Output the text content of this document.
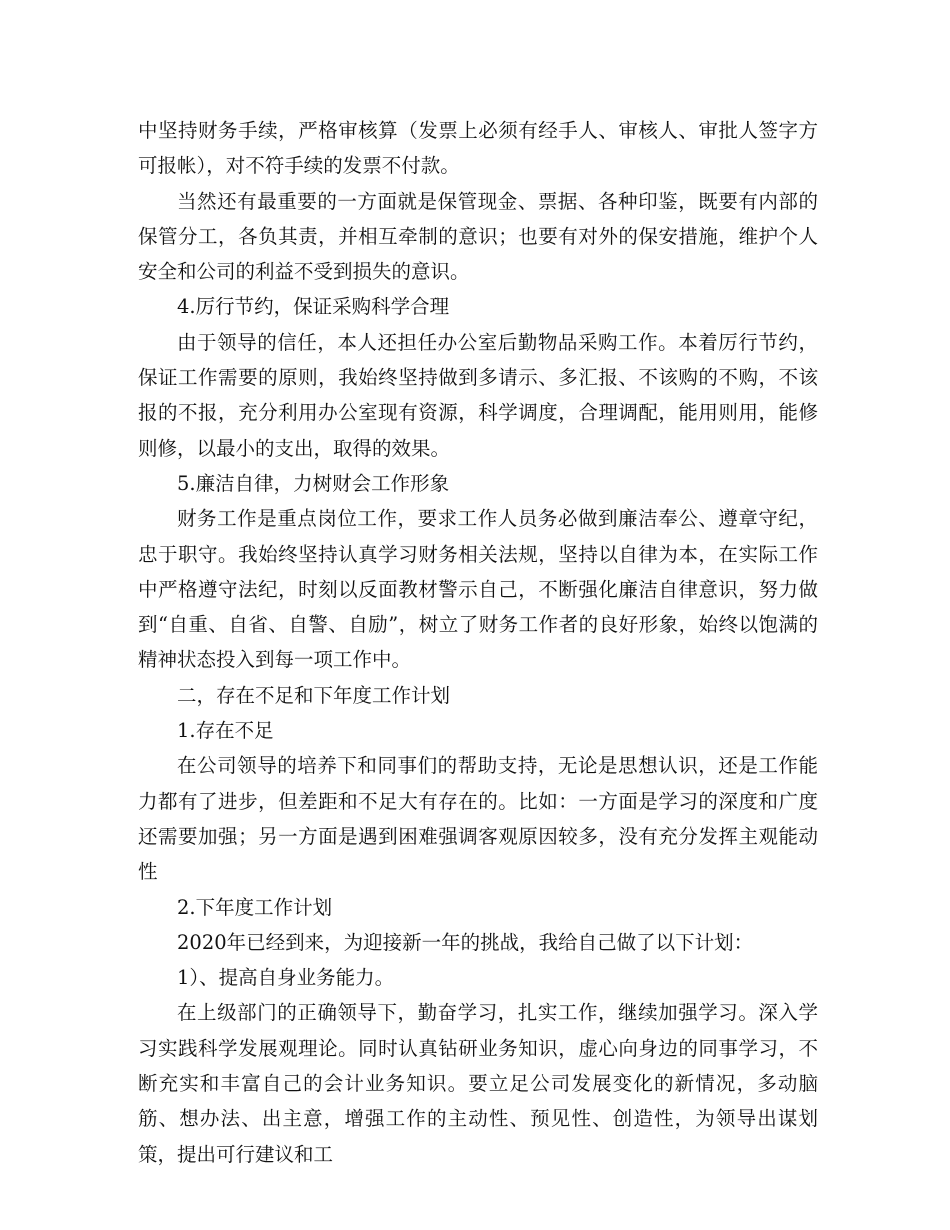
中坚持财务手续，严格审核算（发票上必须有经手人、审核人、审批人签字方可报帐），对不符手续的发票不付款。

当然还有最重要的一方面就是保管现金、票据、各种印鉴，既要有内部的保管分工，各负其责，并相互牵制的意识；也要有对外的保安措施，维护个人安全和公司的利益不受到损失的意识。

4.厉行节约，保证采购科学合理

由于领导的信任，本人还担任办公室后勤物品采购工作。本着厉行节约，保证工作需要的原则，我始终坚持做到多请示、多汇报、不该购的不购，不该报的不报，充分利用办公室现有资源，科学调度，合理调配，能用则用，能修则修，以最小的支出，取得的效果。

5.廉洁自律，力树财会工作形象

财务工作是重点岗位工作，要求工作人员务必做到廉洁奉公、遵章守纪，忠于职守。我始终坚持认真学习财务相关法规，坚持以自律为本，在实际工作中严格遵守法纪，时刻以反面教材警示自己，不断强化廉洁自律意识，努力做到“自重、自省、自警、自励”，树立了财务工作者的良好形象，始终以饱满的精神状态投入到每一项工作中。

二，存在不足和下年度工作计划

1.存在不足

在公司领导的培养下和同事们的帮助支持，无论是思想认识，还是工作能力都有了进步，但差距和不足大有存在的。比如：一方面是学习的深度和广度还需要加强；另一方面是遇到困难强调客观原因较多，没有充分发挥主观能动性

2.下年度工作计划

2020年已经到来，为迎接新一年的挑战，我给自己做了以下计划：

1）、提高自身业务能力。

在上级部门的正确领导下，勤奋学习，扎实工作，继续加强学习。深入学习实践科学发展观理论。同时认真钻研业务知识，虚心向身边的同事学习，不断充实和丰富自己的会计业务知识。要立足公司发展变化的新情况，多动脑筋、想办法、出主意，增强工作的主动性、预见性、创造性，为领导出谋划策，提出可行建议和工
